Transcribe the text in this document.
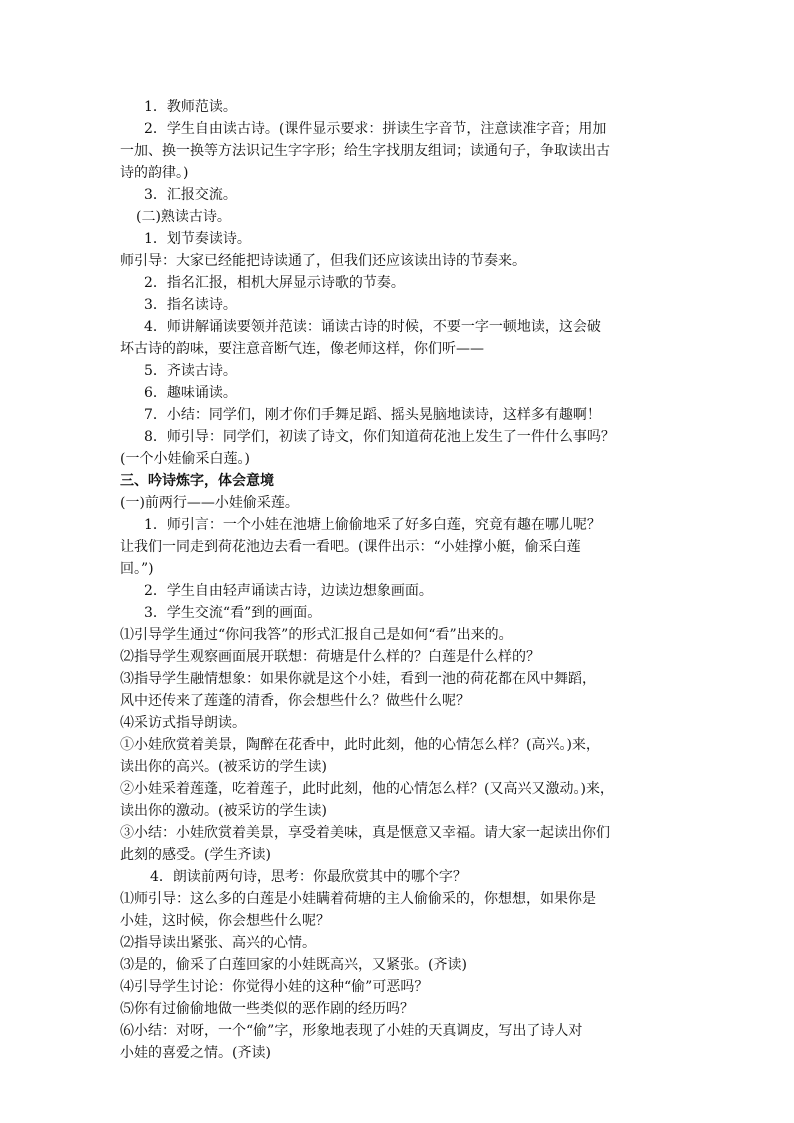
1．教师范读。
2．学生自由读古诗。(课件显示要求：拼读生字音节，注意读准字音；用加
一加、换一换等方法识记生字字形；给生字找朋友组词；读通句子，争取读出古
诗的韵律。)
3．汇报交流。
(二)熟读古诗。
1．划节奏读诗。
师引导：大家已经能把诗读通了，但我们还应该读出诗的节奏来。
2．指名汇报，相机大屏显示诗歌的节奏。
3．指名读诗。
4．师讲解诵读要领并范读：诵读古诗的时候，不要一字一顿地读，这会破
坏古诗的韵味，要注意音断气连，像老师这样，你们听——
5．齐读古诗。
6．趣味诵读。
7．小结：同学们，刚才你们手舞足蹈、摇头晃脑地读诗，这样多有趣啊！
8．师引导：同学们，初读了诗文，你们知道荷花池上发生了一件什么事吗？
(一个小娃偷采白莲。)
三、吟诗炼字，体会意境
(一)前两行——小娃偷采莲。
1．师引言：一个小娃在池塘上偷偷地采了好多白莲，究竟有趣在哪儿呢？
让我们一同走到荷花池边去看一看吧。(课件出示：“小娃撑小艇，偷采白莲
回。”)
2．学生自由轻声诵读古诗，边读边想象画面。
3．学生交流“看”到的画面。
⑴引导学生通过“你问我答”的形式汇报自己是如何“看”出来的。
⑵指导学生观察画面展开联想：荷塘是什么样的？白莲是什么样的？
⑶指导学生融情想象：如果你就是这个小娃，看到一池的荷花都在风中舞蹈，
风中还传来了莲蓬的清香，你会想些什么？做些什么呢？
⑷采访式指导朗读。
①小娃欣赏着美景，陶醉在花香中，此时此刻，他的心情怎么样？(高兴。)来，
读出你的高兴。(被采访的学生读)
②小娃采着莲蓬，吃着莲子，此时此刻，他的心情怎么样？(又高兴又激动。)来，
读出你的激动。(被采访的学生读)
③小结：小娃欣赏着美景，享受着美味，真是惬意又幸福。请大家一起读出你们
此刻的感受。(学生齐读)
4．朗读前两句诗，思考：你最欣赏其中的哪个字？
⑴师引导：这么多的白莲是小娃瞒着荷塘的主人偷偷采的，你想想，如果你是
小娃，这时候，你会想些什么呢？
⑵指导读出紧张、高兴的心情。
⑶是的，偷采了白莲回家的小娃既高兴，又紧张。(齐读)
⑷引导学生讨论：你觉得小娃的这种“偷”可恶吗？
⑸你有过偷偷地做一些类似的恶作剧的经历吗？
⑹小结：对呀，一个“偷”字，形象地表现了小娃的天真调皮，写出了诗人对
小娃的喜爱之情。(齐读)
